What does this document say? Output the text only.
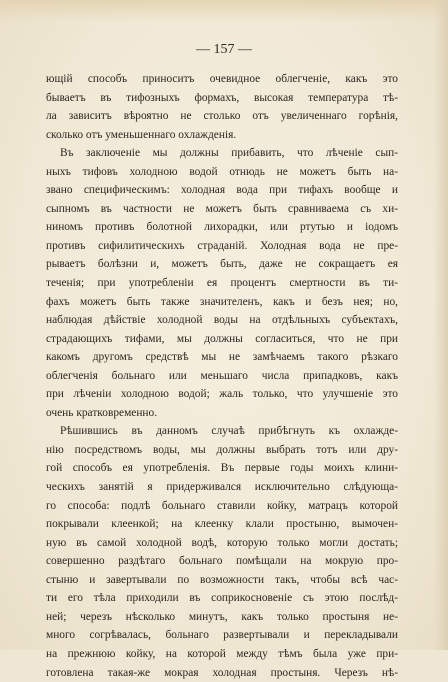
— 157 —
ющій способъ приноситъ очевидное облегченіе, какъ это
бываетъ въ тифозныхъ формахъ, высокая температура тѣ-
ла зависитъ вѣроятно не столько отъ увеличеннаго горѣнія,
сколько отъ уменьшеннаго охлажденія.
Въ заключеніе мы должны прибавить, что лѣченіе сып-
ныхъ тифовъ холодною водой отнюдь не можетъ быть на-
звано специфическимъ: холодная вода при тифахъ вообще и
сыпномъ въ частности не можетъ быть сравниваема съ хи-
ниномъ противъ болотной лихорадки, или ртутью и іодомъ
противъ сифилитическихъ страданій. Холодная вода не пре-
рываетъ болѣзни и, можетъ быть, даже не сокращаетъ ея
теченія; при употребленіи ея процентъ смертности въ ти-
фахъ можетъ быть также значителенъ, какъ и безъ нея; но,
наблюдая дѣйствіе холодной воды на отдѣльныхъ субъектахъ,
страдающихъ тифами, мы должны согласиться, что не при
какомъ другомъ средствѣ мы не замѣчаемъ такого рѣзкаго
облегченія больнаго или меньшаго числа припадковъ, какъ
при лѣченіи холодною водой; жаль только, что улучшеніе это
очень кратковременно.
Рѣшившись въ данномъ случаѣ прибѣгнуть къ охлажде-
нію посредствомъ воды, мы должны выбрать тотъ или дру-
гой способъ ея употребленія. Въ первые годы моихъ клини-
ческихъ занятій я придерживался исключительно слѣдующа-
го способа: подлѣ больнаго ставили койку, матрацъ которой
покрывали клеенкой; на клеенку клали простыню, вымочен-
ную въ самой холодной водѣ, которую только могли достать;
совершенно раздѣтаго больнаго помѣщали на мокрую про-
стыню и завертывали по возможности такъ, чтобы всѣ час-
ти его тѣла приходили въ соприкосновеніе съ этою послѣд-
ней; черезъ нѣсколько минутъ, какъ только простыня не-
много согрѣвалась, больнаго развертывали и перекладывали
на прежнюю койку, на которой между тѣмъ была уже при-
готовлена такая-же мокрая холодная простыня. Черезъ нѣ-
